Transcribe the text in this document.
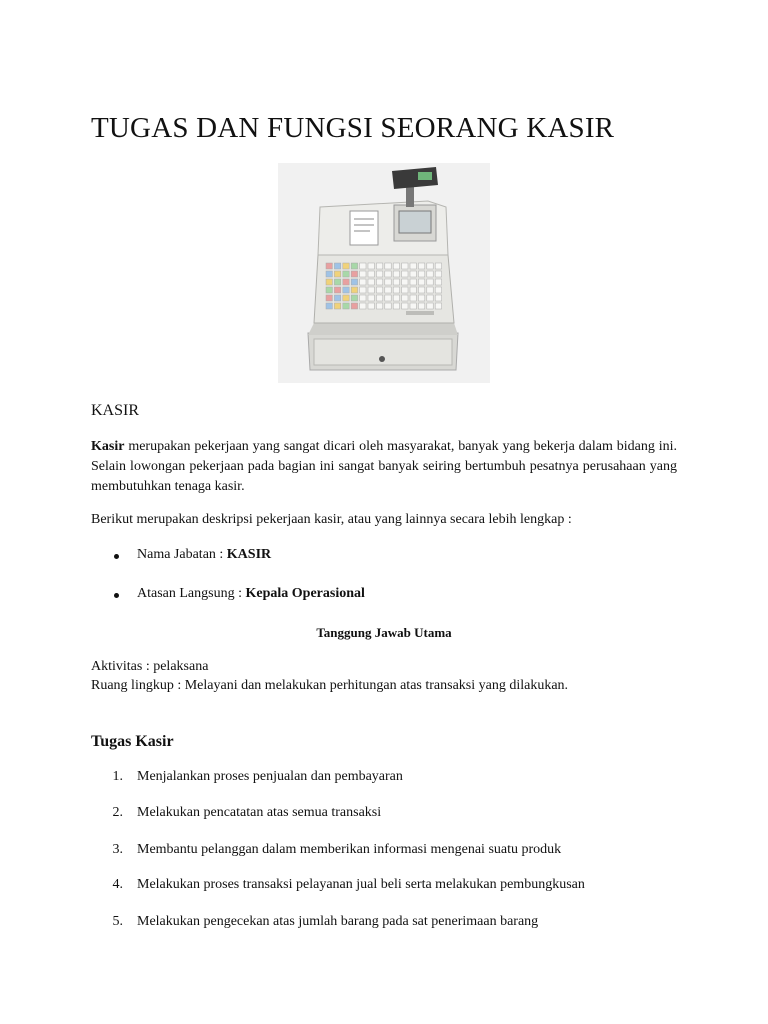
TUGAS DAN FUNGSI SEORANG KASIR
KASIR
Kasir merupakan pekerjaan yang sangat dicari oleh masyarakat, banyak yang bekerja dalam bidang ini. Selain lowongan pekerjaan pada bagian ini sangat banyak seiring bertumbuh pesatnya perusahaan yang membutuhkan tenaga kasir.
Berikut merupakan deskripsi pekerjaan kasir, atau yang lainnya secara lebih lengkap :
Nama Jabatan : KASIR
Atasan Langsung : Kepala Operasional
Tanggung Jawab Utama
Aktivitas : pelaksana
Ruang lingkup : Melayani dan melakukan perhitungan atas transaksi yang dilakukan.
Tugas Kasir
1. Menjalankan proses penjualan dan pembayaran
2. Melakukan pencatatan atas semua transaksi
3. Membantu pelanggan dalam memberikan informasi mengenai suatu produk
4. Melakukan proses transaksi pelayanan jual beli serta melakukan pembungkusan
5. Melakukan pengecekan atas jumlah barang pada sat penerimaan barang
